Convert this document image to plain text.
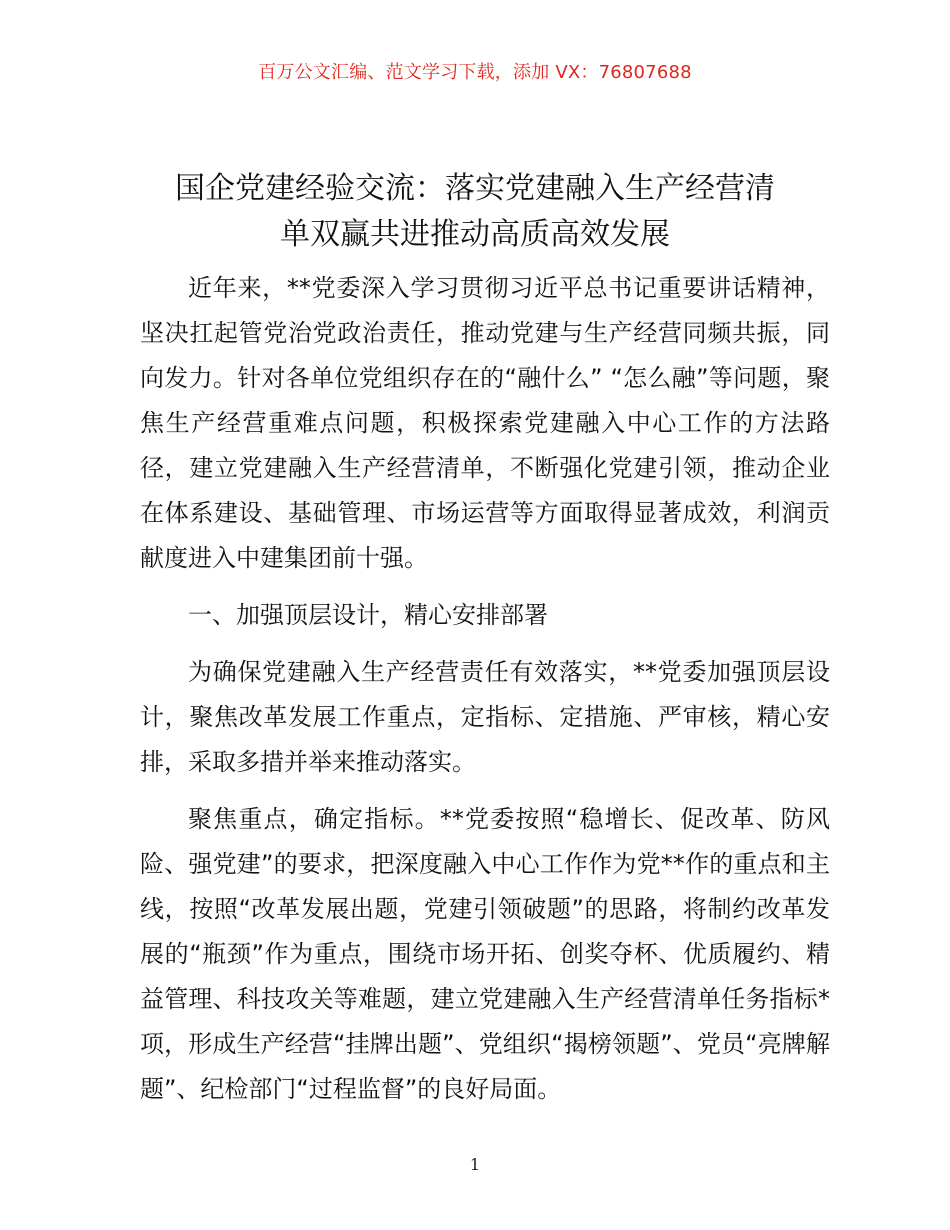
百万公文汇编、范文学习下载，添加 VX：76807688
国企党建经验交流：落实党建融入生产经营清
单双赢共进推动高质高效发展

近年来，**党委深入学习贯彻习近平总书记重要讲话精神，坚决扛起管党治党政治责任，推动党建与生产经营同频共振，同向发力。针对各单位党组织存在的“融什么” “怎么融”等问题，聚焦生产经营重难点问题，积极探索党建融入中心工作的方法路径，建立党建融入生产经营清单，不断强化党建引领，推动企业在体系建设、基础管理、市场运营等方面取得显著成效，利润贡献度进入中建集团前十强。

一、加强顶层设计，精心安排部署

为确保党建融入生产经营责任有效落实，**党委加强顶层设计，聚焦改革发展工作重点，定指标、定措施、严审核，精心安排，采取多措并举来推动落实。

聚焦重点，确定指标。**党委按照“稳增长、促改革、防风险、强党建”的要求，把深度融入中心工作作为党**作的重点和主线，按照“改革发展出题，党建引领破题”的思路，将制约改革发展的“瓶颈”作为重点，围绕市场开拓、创奖夺杯、优质履约、精益管理、科技攻关等难题，建立党建融入生产经营清单任务指标*项，形成生产经营“挂牌出题”、党组织“揭榜领题”、党员“亮牌解题”、纪检部门“过程监督”的良好局面。

1
